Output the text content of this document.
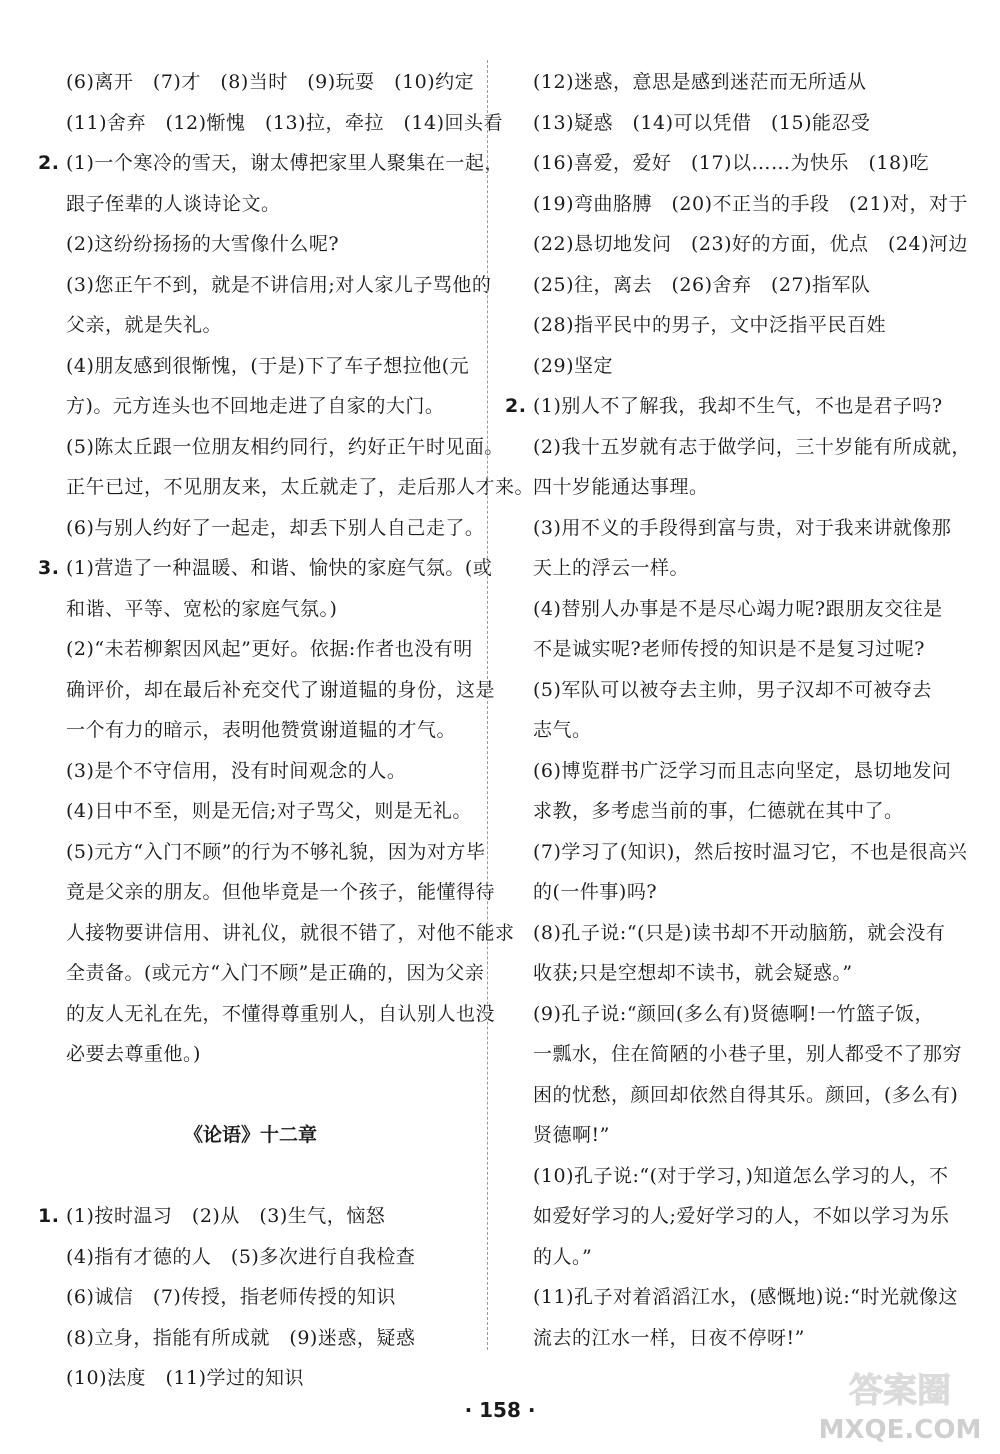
(6)离开　(7)才　(8)当时　(9)玩耍　(10)约定
(11)舍弃　(12)惭愧　(13)拉，牵拉　(14)回头看
2. (1)一个寒冷的雪天，谢太傅把家里人聚集在一起，
跟子侄辈的人谈诗论文。
(2)这纷纷扬扬的大雪像什么呢?
(3)您正午不到，就是不讲信用;对人家儿子骂他的
父亲，就是失礼。
(4)朋友感到很惭愧，(于是)下了车子想拉他(元
方)。元方连头也不回地走进了自家的大门。
(5)陈太丘跟一位朋友相约同行，约好正午时见面。
正午已过，不见朋友来，太丘就走了，走后那人才来。
(6)与别人约好了一起走，却丢下别人自己走了。
3. (1)营造了一种温暖、和谐、愉快的家庭气氛。(或
和谐、平等、宽松的家庭气氛。)
(2)“未若柳絮因风起”更好。依据:作者也没有明
确评价，却在最后补充交代了谢道韫的身份，这是
一个有力的暗示，表明他赞赏谢道韫的才气。
(3)是个不守信用，没有时间观念的人。
(4)日中不至，则是无信;对子骂父，则是无礼。
(5)元方“入门不顾”的行为不够礼貌，因为对方毕
竟是父亲的朋友。但他毕竟是一个孩子，能懂得待
人接物要讲信用、讲礼仪，就很不错了，对他不能求
全责备。(或元方“入门不顾”是正确的，因为父亲
的友人无礼在先，不懂得尊重别人，自认别人也没
必要去尊重他。)
《论语》十二章
1. (1)按时温习　(2)从　(3)生气，恼怒
(4)指有才德的人　(5)多次进行自我检查
(6)诚信　(7)传授，指老师传授的知识
(8)立身，指能有所成就　(9)迷惑，疑惑
(10)法度　(11)学过的知识
(12)迷惑，意思是感到迷茫而无所适从
(13)疑惑　(14)可以凭借　(15)能忍受
(16)喜爱，爱好　(17)以……为快乐　(18)吃
(19)弯曲胳膊　(20)不正当的手段　(21)对，对于
(22)恳切地发问　(23)好的方面，优点　(24)河边
(25)往，离去　(26)舍弃　(27)指军队
(28)指平民中的男子，文中泛指平民百姓
(29)坚定
2. (1)别人不了解我，我却不生气，不也是君子吗?
(2)我十五岁就有志于做学问，三十岁能有所成就，
四十岁能通达事理。
(3)用不义的手段得到富与贵，对于我来讲就像那
天上的浮云一样。
(4)替别人办事是不是尽心竭力呢?跟朋友交往是
不是诚实呢?老师传授的知识是不是复习过呢?
(5)军队可以被夺去主帅，男子汉却不可被夺去
志气。
(6)博览群书广泛学习而且志向坚定，恳切地发问
求教，多考虑当前的事，仁德就在其中了。
(7)学习了(知识)，然后按时温习它，不也是很高兴
的(一件事)吗?
(8)孔子说:“(只是)读书却不开动脑筋，就会没有
收获;只是空想却不读书，就会疑惑。”
(9)孔子说:“颜回(多么有)贤德啊!一竹篮子饭，
一瓢水，住在简陋的小巷子里，别人都受不了那穷
困的忧愁，颜回却依然自得其乐。颜回，(多么有)
贤德啊!”
(10)孔子说:“(对于学习，)知道怎么学习的人，不
如爱好学习的人;爱好学习的人，不如以学习为乐
的人。”
(11)孔子对着滔滔江水，(感慨地)说:“时光就像这
流去的江水一样，日夜不停呀!”
· 158 ·	答案圈
MXQE.COM
